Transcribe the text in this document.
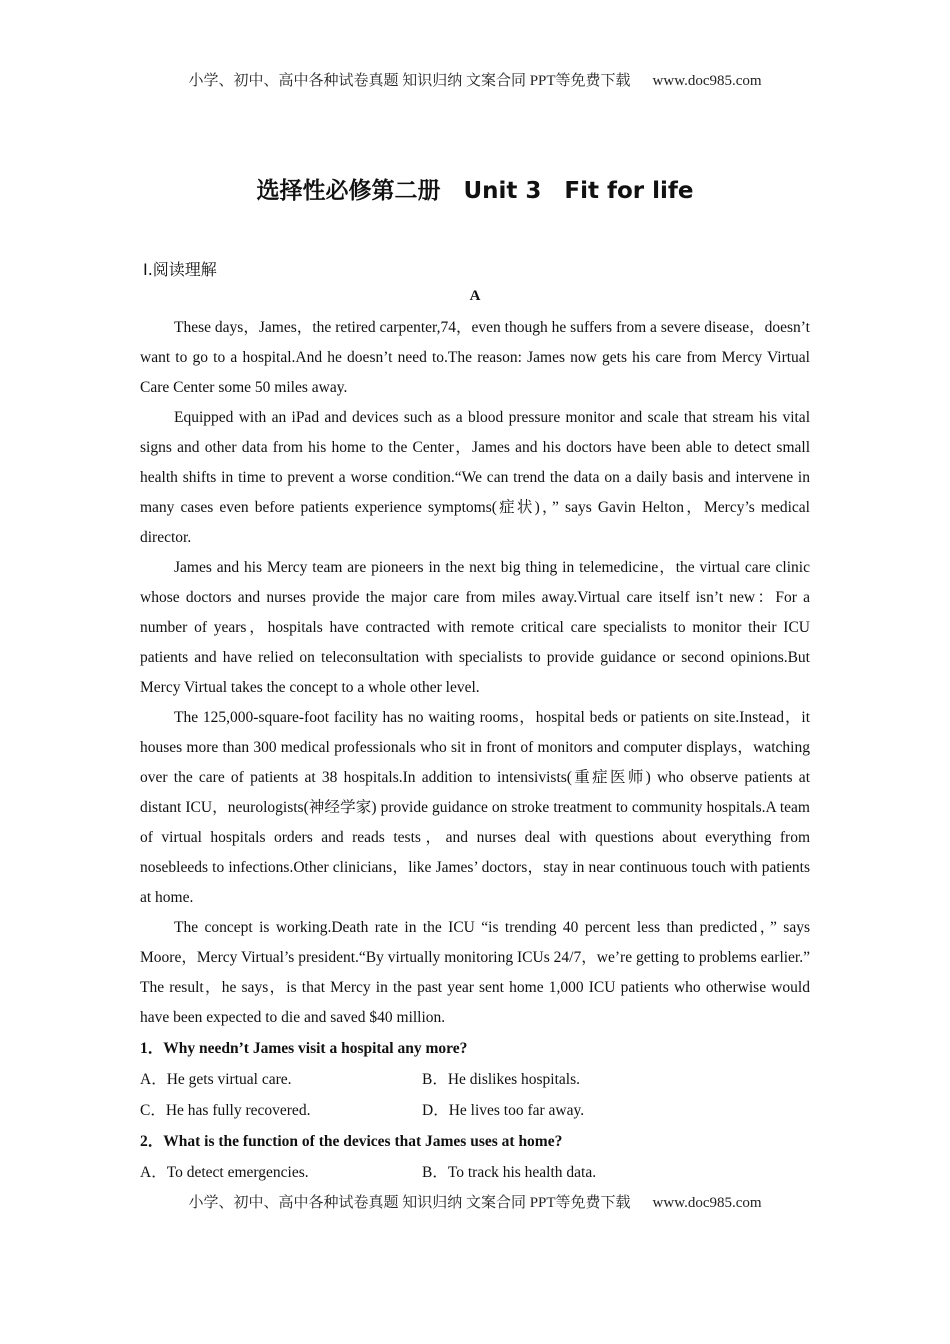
小学、初中、高中各种试卷真题 知识归纳 文案合同 PPT等免费下载 www.doc985.com
选择性必修第二册　Unit 3　Fit for life
Ⅰ.阅读理解
A

These days，James，the retired carpenter,74，even though he suffers from a severe disease，doesn’t want to go to a hospital.And he doesn’t need to.The reason: James now gets his care from Mercy Virtual Care Center some 50 miles away.

Equipped with an iPad and devices such as a blood pressure monitor and scale that stream his vital signs and other data from his home to the Center，James and his doctors have been able to detect small health shifts in time to prevent a worse condition.“We can trend the data on a daily basis and intervene in many cases even before patients experience symptoms(症状)，” says Gavin Helton，Mercy’s medical director.

James and his Mercy team are pioneers in the next big thing in telemedicine，the virtual care clinic whose doctors and nurses provide the major care from miles away.Virtual care itself isn’t new：For a number of years，hospitals have contracted with remote critical care specialists to monitor their ICU patients and have relied on teleconsultation with specialists to provide guidance or second opinions.But Mercy Virtual takes the concept to a whole other level.

The 125,000-square-foot facility has no waiting rooms，hospital beds or patients on site.Instead，it houses more than 300 medical professionals who sit in front of monitors and computer displays，watching over the care of patients at 38 hospitals.In addition to intensivists(重症医师) who observe patients at distant ICU，neurologists(神经学家) provide guidance on stroke treatment to community hospitals.A team of virtual hospitals orders and reads tests，and nurses deal with questions about everything from nosebleeds to infections.Other clinicians，like James’ doctors，stay in near continuous touch with patients at home.

The concept is working.Death rate in the ICU “is trending 40 percent less than predicted，” says Moore，Mercy Virtual’s president.“By virtually monitoring ICUs 24/7，we’re getting to problems earlier.” The result，he says，is that Mercy in the past year sent home 1,000 ICU patients who otherwise would have been expected to die and saved $40 million.

1．Why needn’t James visit a hospital any more?

A．He gets virtual care.	B．He dislikes hospitals.
C．He has fully recovered.	D．He lives too far away.

2．What is the function of the devices that James uses at home?

A．To detect emergencies.	B．To track his health data.
小学、初中、高中各种试卷真题 知识归纳 文案合同 PPT等免费下载 www.doc985.com
